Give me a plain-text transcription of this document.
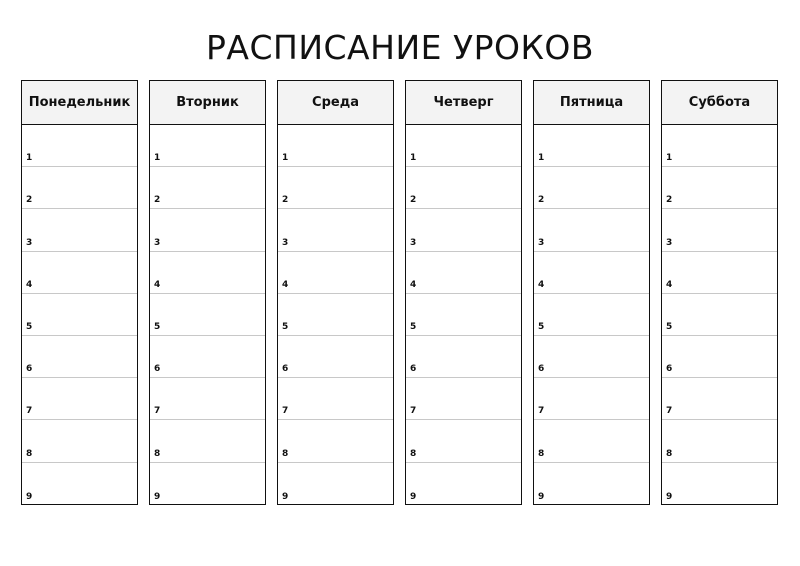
РАСПИСАНИЕ УРОКОВ
Понедельник
1
2
3
4
5
6
7
8
9
Вторник
1
2
3
4
5
6
7
8
9
Среда
1
2
3
4
5
6
7
8
9
Четверг
1
2
3
4
5
6
7
8
9
Пятница
1
2
3
4
5
6
7
8
9
Суббота
1
2
3
4
5
6
7
8
9
